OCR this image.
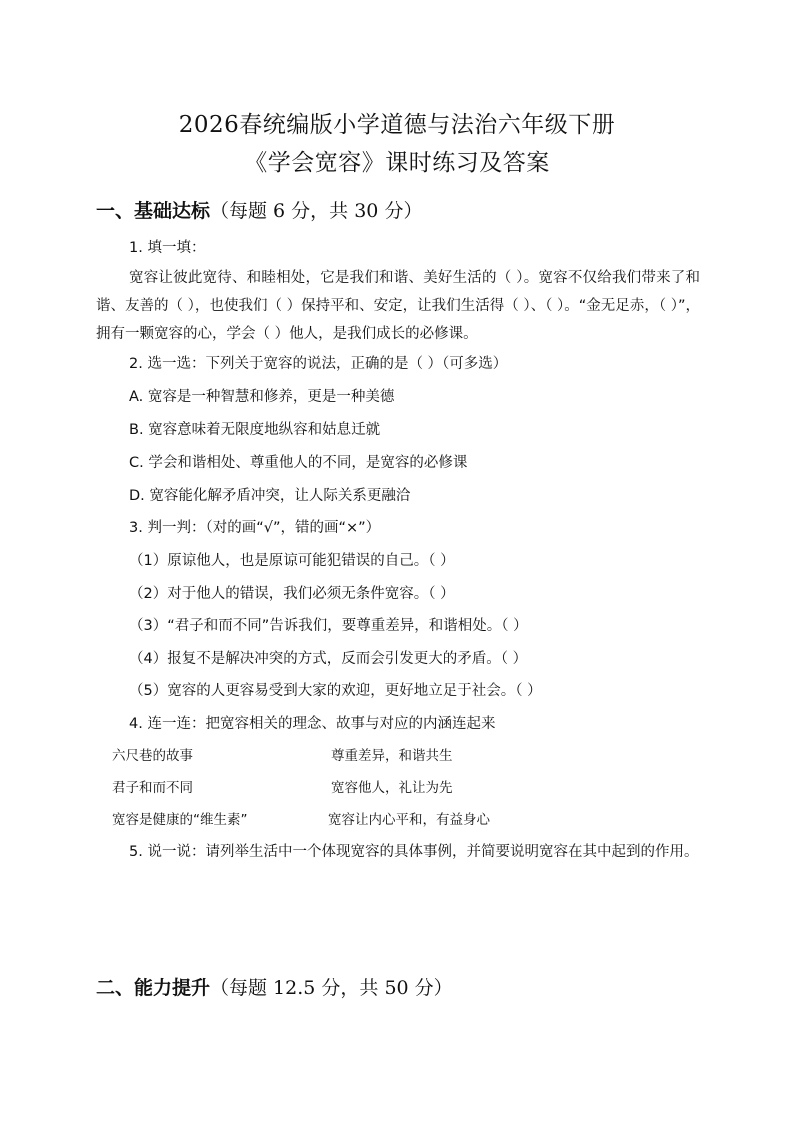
2026春统编版小学道德与法治六年级下册
《学会宽容》课时练习及答案
一、基础达标（每题 6 分，共 30 分）
1. 填一填：
宽容让彼此宽待、和睦相处，它是我们和谐、美好生活的（ ）。宽容不仅给我们带来了和谐、友善的（ ），也使我们（ ）保持平和、安定，让我们生活得（ ）、（ ）。“金无足赤，（ ）”，拥有一颗宽容的心，学会（ ）他人，是我们成长的必修课。
2. 选一选：下列关于宽容的说法，正确的是（ ）（可多选）
A. 宽容是一种智慧和修养，更是一种美德
B. 宽容意味着无限度地纵容和姑息迁就
C. 学会和谐相处、尊重他人的不同，是宽容的必修课
D. 宽容能化解矛盾冲突，让人际关系更融洽
3. 判一判：（对的画“√”，错的画“×”）
（1）原谅他人，也是原谅可能犯错误的自己。（ ）
（2）对于他人的错误，我们必须无条件宽容。（ ）
（3）“君子和而不同”告诉我们，要尊重差异，和谐相处。（ ）
（4）报复不是解决冲突的方式，反而会引发更大的矛盾。（ ）
（5）宽容的人更容易受到大家的欢迎，更好地立足于社会。（ ）
4. 连一连：把宽容相关的理念、故事与对应的内涵连起来
六尺巷的故事	尊重差异，和谐共生
君子和而不同	宽容他人，礼让为先
宽容是健康的“维生素”	宽容让内心平和，有益身心
5. 说一说：请列举生活中一个体现宽容的具体事例，并简要说明宽容在其中起到的作用。
二、能力提升（每题 12.5 分，共 50 分）
